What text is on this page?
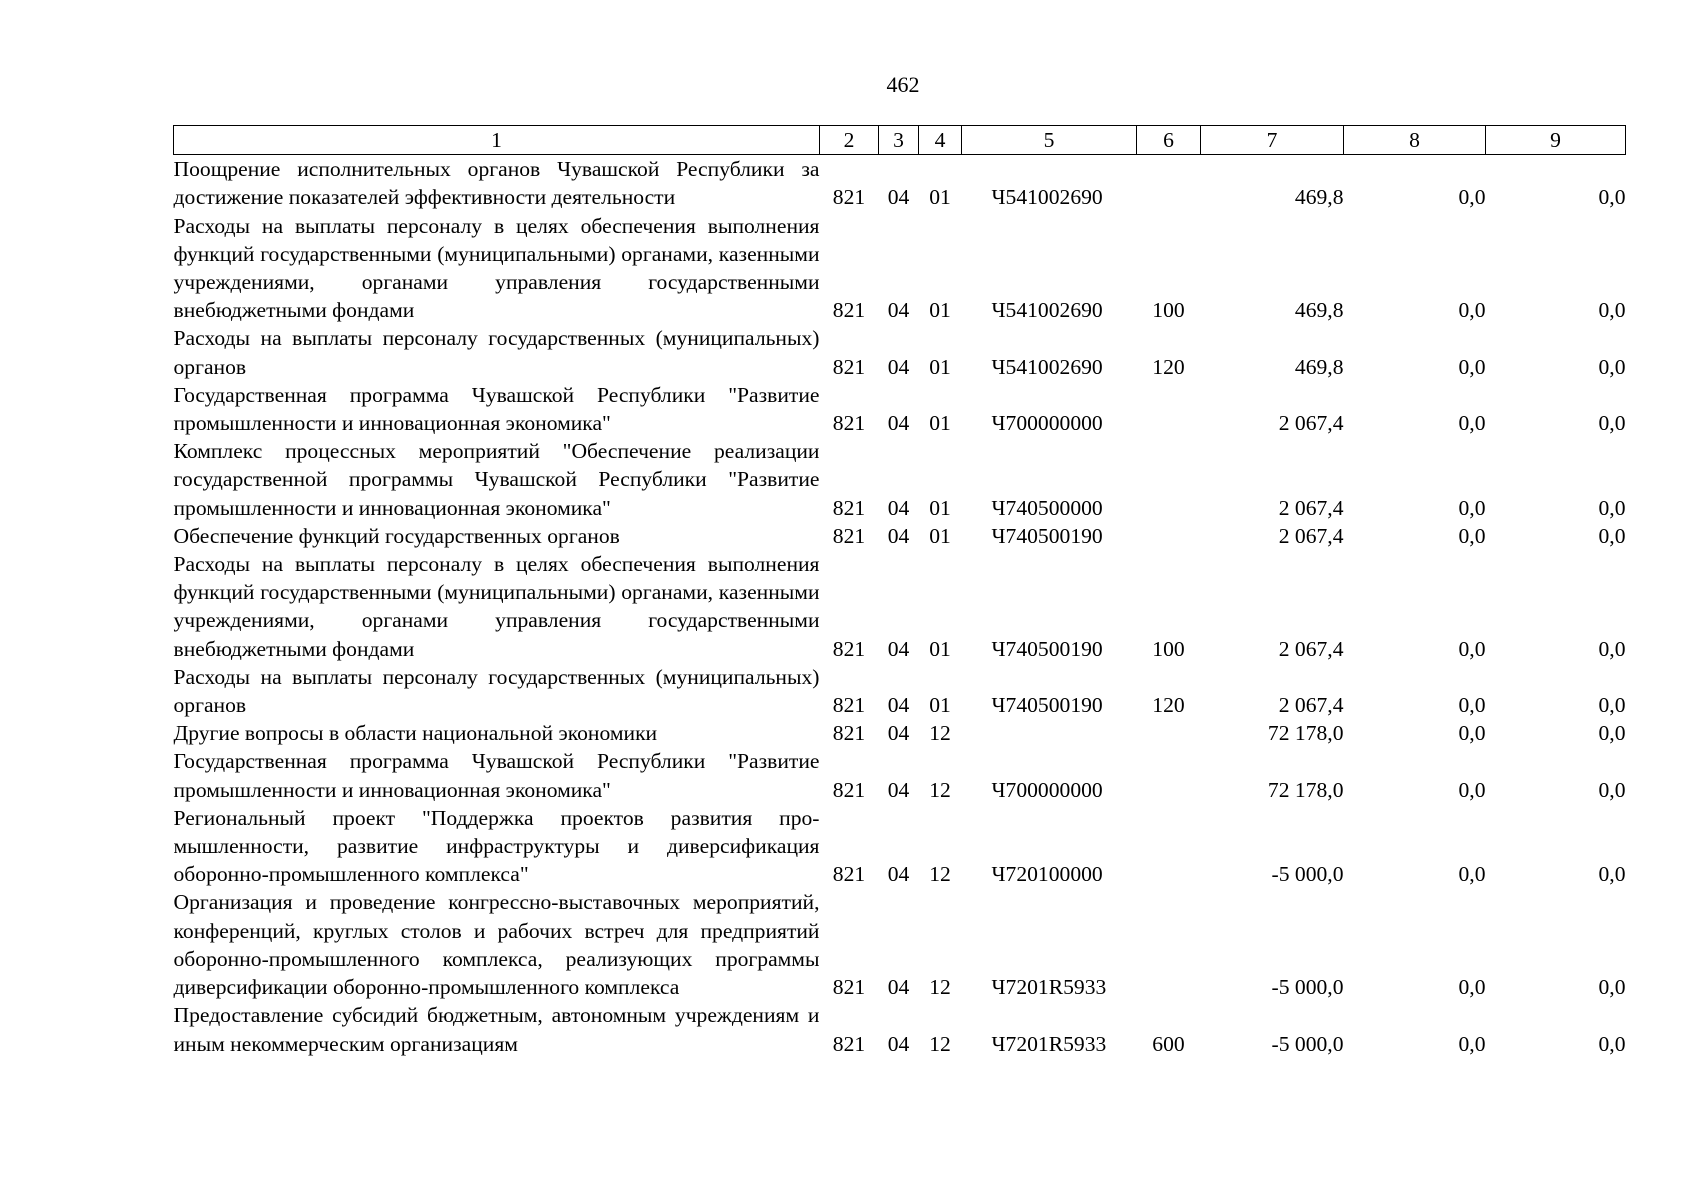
462
1	2	3	4	5	6	7	8	9
Поощрение исполнительных органов Чувашской Республики за достижение показателей эффективности деятельности	821	04	01	Ч541002690		469,8	0,0	0,0
Расходы на выплаты персоналу в целях обеспечения выполнения функций государственными (муниципальными) органами, казенными учреждениями, органами управления государственными внебюджетными фондами	821	04	01	Ч541002690	100	469,8	0,0	0,0
Расходы на выплаты персоналу государственных (муниципальных) органов	821	04	01	Ч541002690	120	469,8	0,0	0,0
Государственная программа Чувашской Республики "Развитие промышленности и инновационная экономика"	821	04	01	Ч700000000		2 067,4	0,0	0,0
Комплекс процессных мероприятий "Обеспечение реализации государственной программы Чувашской Республики "Развитие промышленности и инновационная экономика"	821	04	01	Ч740500000		2 067,4	0,0	0,0
Обеспечение функций государственных органов	821	04	01	Ч740500190		2 067,4	0,0	0,0
Расходы на выплаты персоналу в целях обеспечения выполнения функций государственными (муниципальными) органами, казенными учреждениями, органами управления государственными внебюджетными фондами	821	04	01	Ч740500190	100	2 067,4	0,0	0,0
Расходы на выплаты персоналу государственных (муниципальных) органов	821	04	01	Ч740500190	120	2 067,4	0,0	0,0
Другие вопросы в области национальной экономики	821	04	12			72 178,0	0,0	0,0
Государственная программа Чувашской Республики "Развитие промышленности и инновационная экономика"	821	04	12	Ч700000000		72 178,0	0,0	0,0
Региональный проект "Поддержка проектов развития промышленности, развитие инфраструктуры и диверсификация оборонно-промышленного комплекса"	821	04	12	Ч720100000		-5 000,0	0,0	0,0
Организация и проведение конгрессно-выставочных мероприятий, конференций, круглых столов и рабочих встреч для предприятий оборонно-промышленного комплекса, реализующих программы диверсификации оборонно-промышленного комплекса	821	04	12	Ч7201R5933		-5 000,0	0,0	0,0
Предоставление субсидий бюджетным, автономным учреждениям и иным некоммерческим организациям	821	04	12	Ч7201R5933	600	-5 000,0	0,0	0,0
